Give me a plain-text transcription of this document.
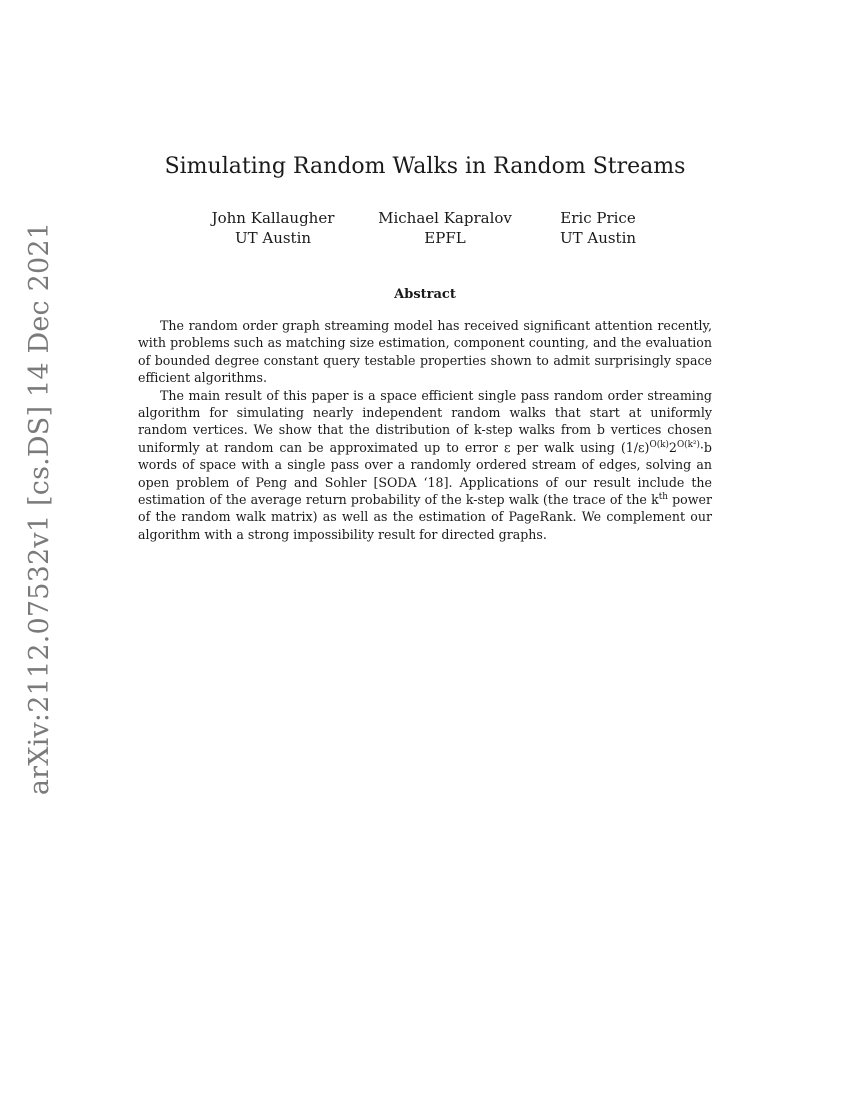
arXiv:2112.07532v1 [cs.DS] 14 Dec 2021
Simulating Random Walks in Random Streams
John Kallaugher
UT Austin
Michael Kapralov
EPFL
Eric Price
UT Austin
Abstract

The random order graph streaming model has received significant attention recently, with problems such as matching size estimation, component counting, and the evaluation of bounded degree constant query testable properties shown to admit surprisingly space efficient algorithms.

The main result of this paper is a space efficient single pass random order streaming algorithm for simulating nearly independent random walks that start at uniformly random vertices. We show that the distribution of k-step walks from b vertices chosen uniformly at random can be approximated up to error ε per walk using $(1/\varepsilon)^{O(k)}2^{O(k^2)}\cdot b$ words of space with a single pass over a randomly ordered stream of edges, solving an open problem of Peng and Sohler [SODA ‘18]. Applications of our result include the estimation of the average return probability of the k-step walk (the trace of the $k^{th}$ power of the random walk matrix) as well as the estimation of PageRank. We complement our algorithm with a strong impossibility result for directed graphs.
